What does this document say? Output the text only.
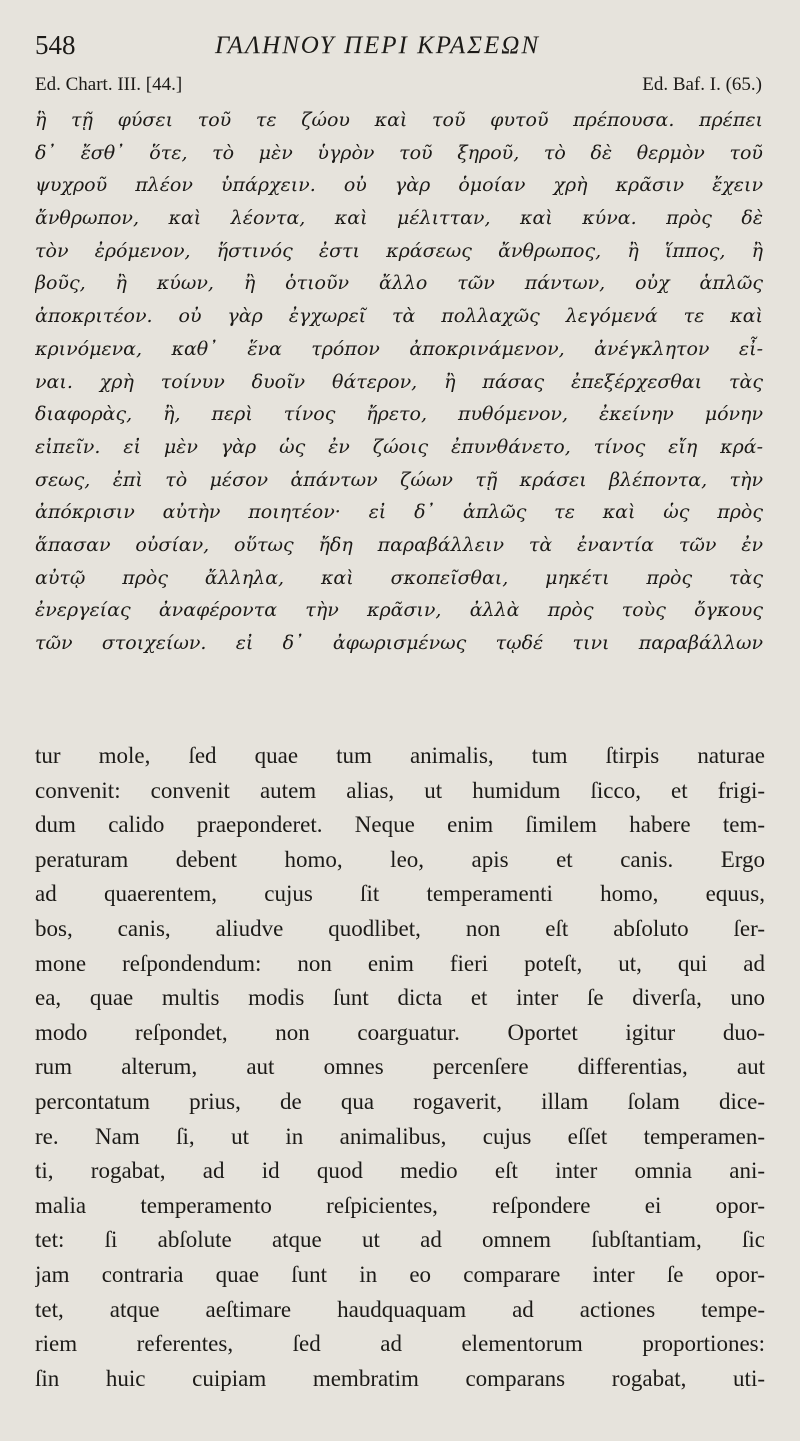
548	ΓΑΛΗΝΟΥ ΠΕΡΙ ΚΡΑΣΕΩΝ
Ed. Chart. III. [44.]	Ed. Baf. I. (65.)
ἣ τῇ φύσει τοῦ τε ζώου καὶ τοῦ φυτοῦ πρέπουσα. πρέπει
δ᾽ ἔσθ᾽ ὅτε, τὸ μὲν ὑγρὸν τοῦ ξηροῦ, τὸ δὲ θερμὸν τοῦ
ψυχροῦ πλέον ὑπάρχειν. οὐ γὰρ ὁμοίαν χρὴ κρᾶσιν ἔχειν
ἄνθρωπον, καὶ λέοντα, καὶ μέλιτταν, καὶ κύνα. πρὸς δὲ
τὸν ἐρόμενον, ἥστινός ἐστι κράσεως ἄνθρωπος, ἢ ἵππος, ἢ
βοῦς, ἢ κύων, ἢ ὁτιοῦν ἄλλο τῶν πάντων, οὐχ ἁπλῶς
ἀποκριτέον. οὐ γὰρ ἐγχωρεῖ τὰ πολλαχῶς λεγόμενά τε καὶ
κρινόμενα, καθ᾽ ἕνα τρόπον ἀποκρινάμενον, ἀνέγκλητον εἶ-
ναι. χρὴ τοίνυν δυοῖν θάτερον, ἢ πάσας ἐπεξέρχεσθαι τὰς
διαφορὰς, ἢ, περὶ τίνος ἤρετο, πυθόμενον, ἐκείνην μόνην
εἰπεῖν. εἰ μὲν γὰρ ὡς ἐν ζώοις ἐπυνθάνετο, τίνος εἴη κρά-
σεως, ἐπὶ τὸ μέσον ἁπάντων ζώων τῇ κράσει βλέποντα, τὴν
ἀπόκρισιν αὐτὴν ποιητέον· εἰ δ᾽ ἁπλῶς τε καὶ ὡς πρὸς
ἅπασαν οὐσίαν, οὕτως ἤδη παραβάλλειν τὰ ἐναντία τῶν ἐν
αὐτῷ πρὸς ἄλληλα, καὶ σκοπεῖσθαι, μηκέτι πρὸς τὰς
ἐνεργείας ἀναφέροντα τὴν κρᾶσιν, ἀλλὰ πρὸς τοὺς ὄγκους
τῶν στοιχείων. εἰ δ᾽ ἀφωρισμένως τῳδέ τινι παραβάλλων
tur mole, ſed quae tum animalis, tum ſtirpis naturae
convenit: convenit autem alias, ut humidum ſicco, et frigi-
dum calido praeponderet. Neque enim ſimilem habere tem-
peraturam debent homo, leo, apis et canis. Ergo
ad quaerentem, cujus ſit temperamenti homo, equus,
bos, canis, aliudve quodlibet, non eſt abſoluto ſer-
mone reſpondendum: non enim fieri poteſt, ut, qui ad
ea, quae multis modis ſunt dicta et inter ſe diverſa, uno
modo reſpondet, non coarguatur. Oportet igitur duo-
rum alterum, aut omnes percenſere differentias, aut
percontatum prius, de qua rogaverit, illam ſolam dice-
re. Nam ſi, ut in animalibus, cujus eſſet temperamen-
ti, rogabat, ad id quod medio eſt inter omnia ani-
malia temperamento reſpicientes, reſpondere ei opor-
tet: ſi abſolute atque ut ad omnem ſubſtantiam, ſic
jam contraria quae ſunt in eo comparare inter ſe opor-
tet, atque aeſtimare haudquaquam ad actiones tempe-
riem referentes, ſed ad elementorum proportiones:
ſin huic cuipiam membratim comparans rogabat, uti-
